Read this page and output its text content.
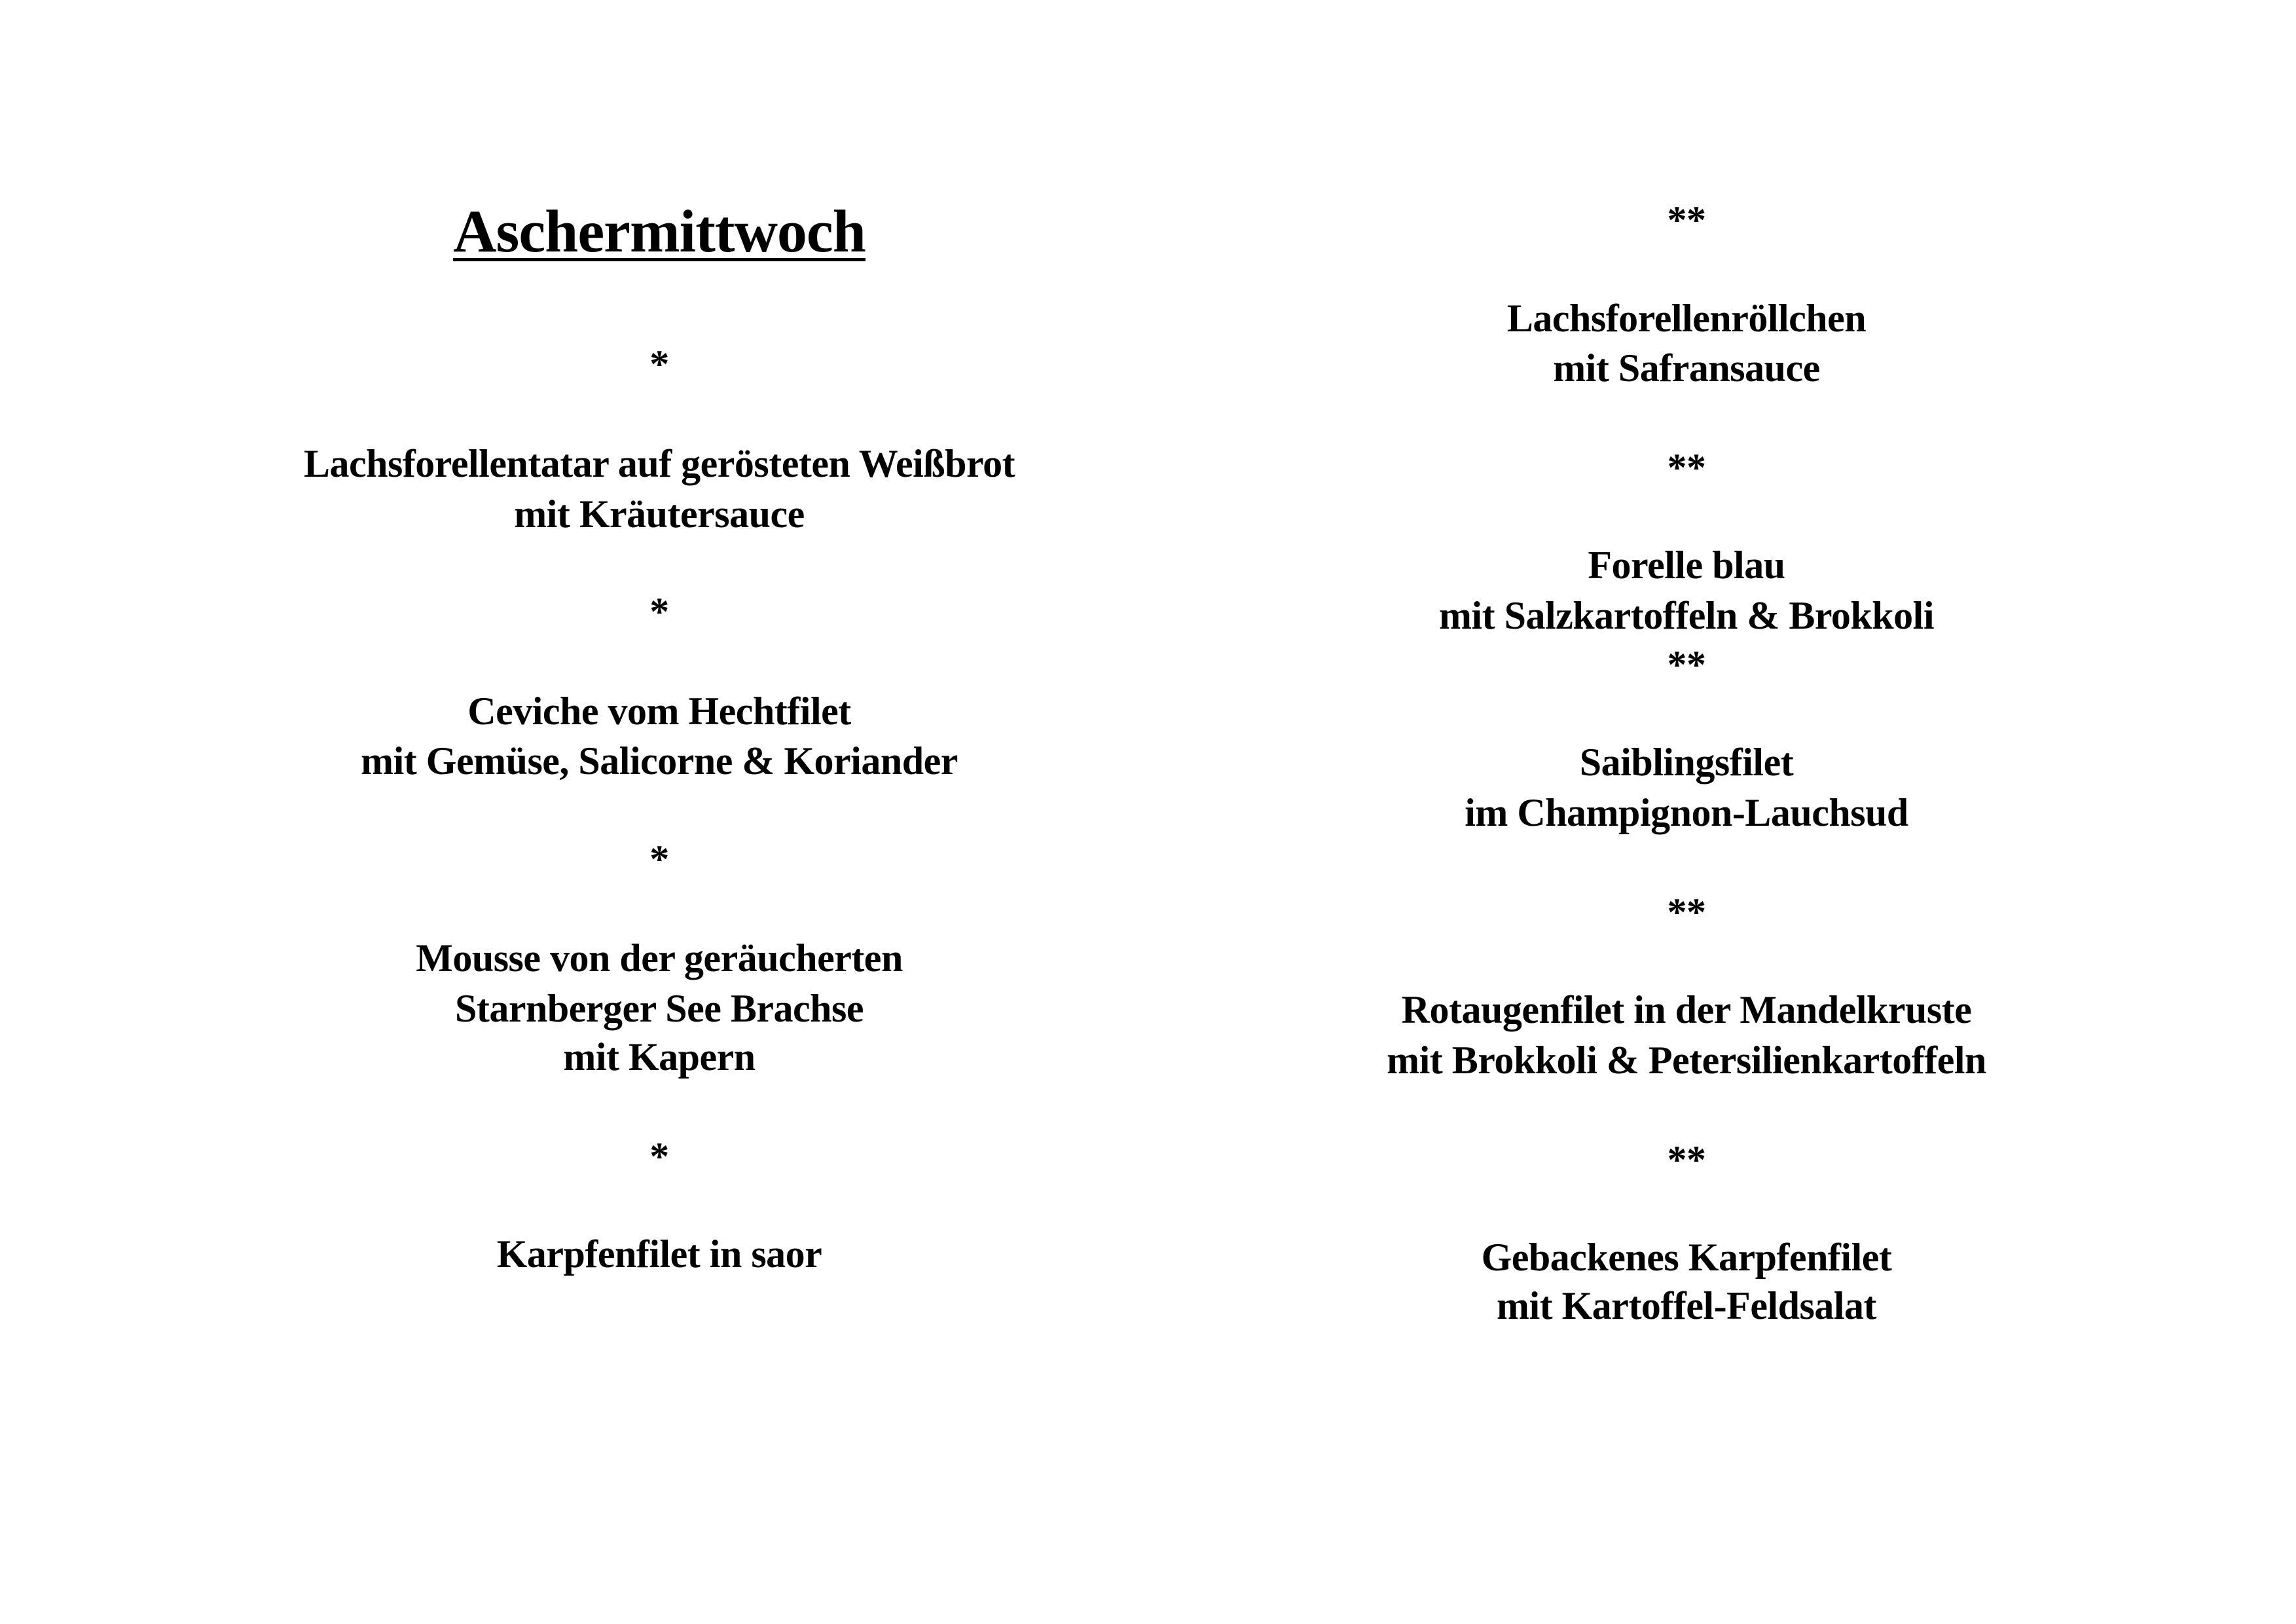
Aschermittwoch
*
Lachsforellentatar auf gerösteten Weißbrot
mit Kräutersauce
*
Ceviche vom Hechtfilet
mit Gemüse, Salicorne & Koriander
*
Mousse von der geräucherten
Starnberger See Brachse
mit Kapern
*
Karpfenfilet in saor
**
Lachsforellenröllchen
mit Safransauce
**
Forelle blau
mit Salzkartoffeln & Brokkoli
**
Saiblingsfilet
im Champignon-Lauchsud
**
Rotaugenfilet in der Mandelkruste
mit Brokkoli & Petersilienkartoffeln
**
Gebackenes Karpfenfilet
mit Kartoffel-Feldsalat
